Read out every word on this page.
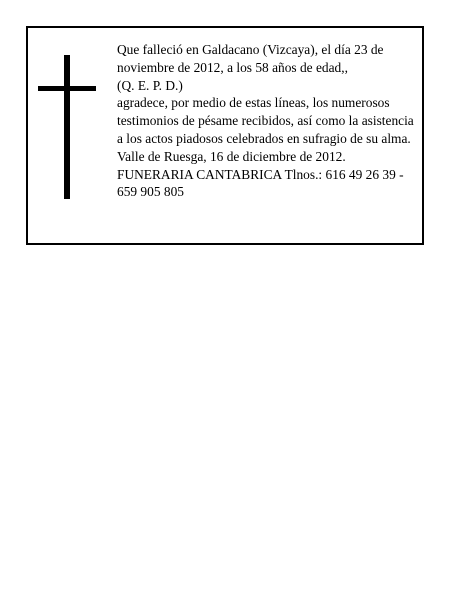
Que falleció en Galdacano (Vizcaya), el día 23 de
noviembre de 2012, a los 58 años de edad,,
(Q. E. P. D.)
agradece, por medio de estas líneas, los numerosos
testimonios de pésame recibidos, así como la asistencia
a los actos piadosos celebrados en sufragio de su alma.
Valle de Ruesga, 16 de diciembre de 2012.
FUNERARIA CANTABRICA Tlnos.: 616 49 26 39 -
659 905 805
